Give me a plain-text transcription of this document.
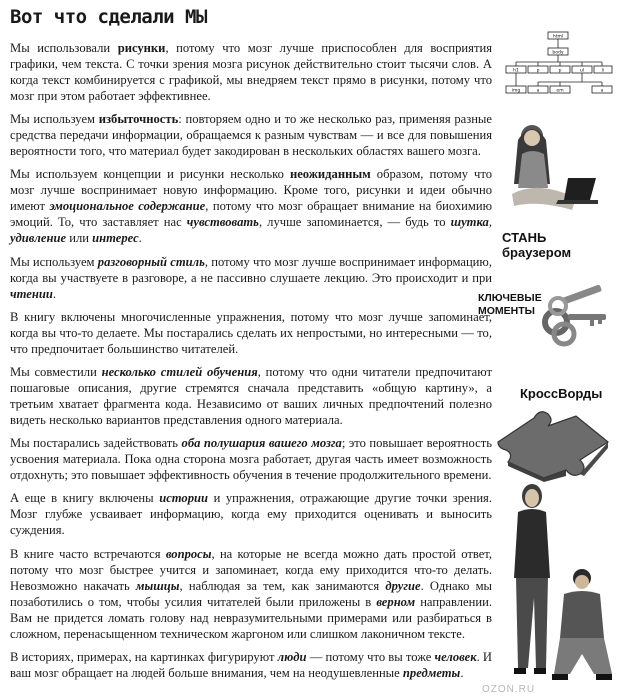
Вот что сделали МЫ

Мы использовали рисунки, потому что мозг лучше приспособлен для восприятия графики, чем текста. С точки зрения мозга рисунок действительно стоит тысячи слов. А когда текст комбинируется с графикой, мы внедряем текст прямо в рисунки, потому что мозг при этом работает эффективнее.

Мы используем избыточность: повторяем одно и то же несколько раз, применяя разные средства передачи информации, обращаемся к разным чувствам — и все для повышения вероятности того, что материал будет закодирован в нескольких областях вашего мозга.

Мы используем концепции и рисунки несколько неожиданным образом, потому что мозг лучше воспринимает новую информацию. Кроме того, рисунки и идеи обычно имеют эмоциональное содержание, потому что мозг обращает внимание на биохимию эмоций. То, что заставляет нас чувствовать, лучше запоминается, — будь то шутка, удивление или интерес.

Мы используем разговорный стиль, потому что мозг лучше воспринимает информацию, когда вы участвуете в разговоре, а не пассивно слушаете лекцию. Это происходит и при чтении.

В книгу включены многочисленные упражнения, потому что мозг лучше запоминает, когда вы что-то делаете. Мы постарались сделать их непростыми, но интересными — то, что предпочитает большинство читателей.

Мы совместили несколько стилей обучения, потому что одни читатели предпочитают пошаговые описания, другие стремятся сначала представить «общую картину», а третьим хватает фрагмента кода. Независимо от ваших личных предпочтений полезно видеть несколько вариантов представления одного материала.

Мы постарались задействовать оба полушария вашего мозга; это повышает вероятность усвоения материала. Пока одна сторона мозга работает, другая часть имеет возможность отдохнуть; это повышает эффективность обучения в течение продолжительного времени.

А еще в книгу включены истории и упражнения, отражающие другие точки зрения. Мозг глубже усваивает информацию, когда ему приходится оценивать и выносить суждения.

В книге часто встречаются вопросы, на которые не всегда можно дать простой ответ, потому что мозг быстрее учится и запоминает, когда ему приходится что-то делать. Невозможно накачать мышцы, наблюдая за тем, как занимаются другие. Однако мы позаботились о том, чтобы усилия читателей были приложены в верном направлении. Вам не придется ломать голову над невразумительными примерами или разбираться в сложном, перенасыщенном техническом жаргоном или слишком лаконичном тексте.

В историях, примерах, на картинках фигурируют люди — потому что вы тоже человек. И ваш мозг обращает на людей больше внимания, чем на неодушевленные предметы.

html
body
h1	p	p	ul	li
img	a	em	a
СТАНЬ браузером
КЛЮЧЕВЫЕ
МОМЕНТЫ
КроссВорды
OZON.RU
